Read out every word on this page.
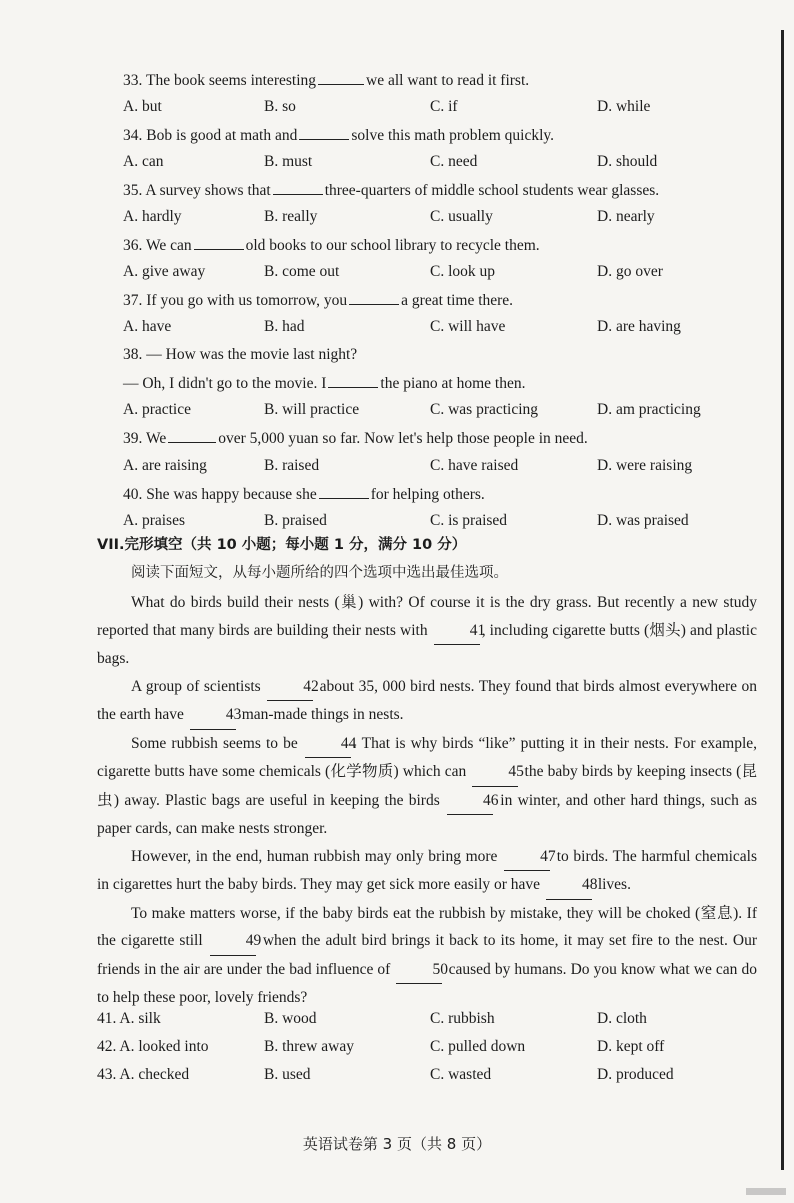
33. The book seems interesting	we all want to read it first.
A. but	B. so	C. if	D. while
34. Bob is good at math and	solve this math problem quickly.
A. can	B. must	C. need	D. should
35. A survey shows that	three-quarters of middle school students wear glasses.
A. hardly	B. really	C. usually	D. nearly
36. We can	old books to our school library to recycle them.
A. give away	B. come out	C. look up	D. go over
37. If you go with us tomorrow, you	a great time there.
A. have	B. had	C. will have	D. are having
38. — How was the movie last night?
— Oh, I didn't go to the movie. I	the piano at home then.
A. practice	B. will practice	C. was practicing	D. am practicing
39. We	over 5,000 yuan so far. Now let's help those people in need.
A. are raising	B. raised	C. have raised	D. were raising
40. She was happy because she	for helping others.
A. praises	B. praised	C. is praised	D. was praised
VII.完形填空（共 10 小题；每小题 1 分，满分 10 分）
阅读下面短文，从每小题所给的四个选项中选出最佳选项。

What do birds build their nests (巢) with? Of course it is the dry grass. But recently a new study reported that many birds are building their nests with	41, including cigarette butts (烟头) and plastic bags.

A group of scientists	42 about 35, 000 bird nests. They found that birds almost everywhere on the earth have	43 man-made things in nests.

Some rubbish seems to be	44. That is why birds “like” putting it in their nests. For example, cigarette butts have some chemicals (化学物质) which can	45 the baby birds by keeping insects (昆虫) away. Plastic bags are useful in keeping the birds	46 in winter, and other hard things, such as paper cards, can make nests stronger.

However, in the end, human rubbish may only bring more	47 to birds. The harmful chemicals in cigarettes hurt the baby birds. They may get sick more easily or have	48 lives.

To make matters worse, if the baby birds eat the rubbish by mistake, they will be choked (窒息). If the cigarette still	49 when the adult bird brings it back to its home, it may set fire to the nest. Our friends in the air are under the bad influence of	50 caused by humans. Do you know what we can do to help these poor, lovely friends?

41. A. silk	B. wood	C. rubbish	D. cloth
42. A. looked into	B. threw away	C. pulled down	D. kept off
43. A. checked	B. used	C. wasted	D. produced
英语试卷第 3 页（共 8 页）
